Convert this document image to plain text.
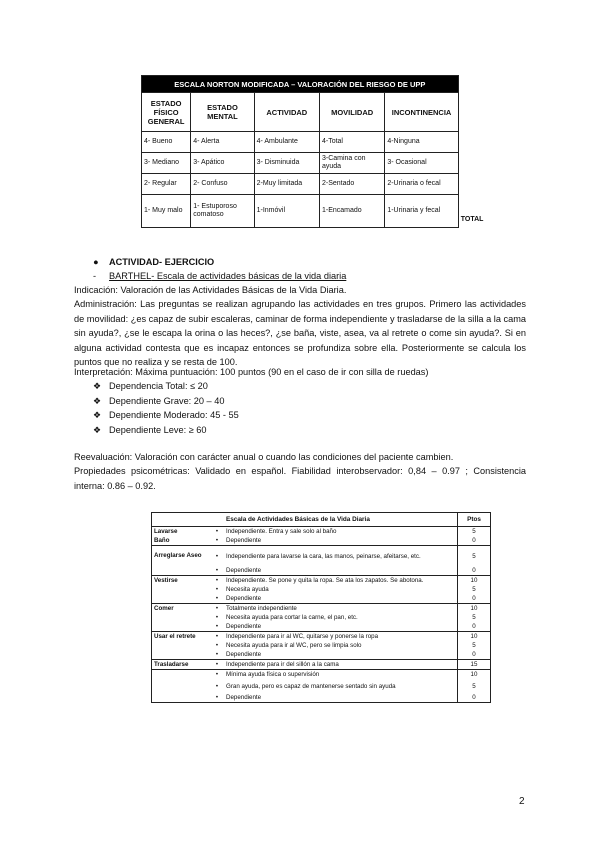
ESCALA NORTON MODIFICADA – VALORACIÓN DEL RIESGO DE UPP					
ESTADO FÍSICO GENERAL	ESTADO MENTAL	ACTIVIDAD	MOVILIDAD	INCONTINENCIA	
4- Bueno	4- Alerta	4- Ambulante	4-Total	4-Ninguna	
3- Mediano	3- Apático	3- Disminuida	3-Camina con ayuda	3- Ocasional	
2- Regular	2- Confuso	2-Muy limitada	2-Sentado	2-Urinaria o fecal	
1- Muy malo	1- Estuporoso comatoso	1-Inmóvil	1-Encamado	1-Urinaria y fecal	TOTAL
● ACTIVIDAD- EJERCICIO
- BARTHEL- Escala de actividades básicas de la vida diaria
Indicación: Valoración de las Actividades Básicas de la Vida Diaria.
Administración: Las preguntas se realizan agrupando las actividades en tres grupos. Primero las actividades de movilidad: ¿es capaz de subir escaleras, caminar de forma independiente y trasladarse de la silla a la cama sin ayuda?, ¿se le escapa la orina o las heces?, ¿se baña, viste, asea, va al retrete o come sin ayuda?. Si en alguna actividad contesta que es incapaz entonces se profundiza sobre ella. Posteriormente se calcula los puntos que no realiza y se resta de 100.
Interpretación: Máxima puntuación: 100 puntos (90 en el caso de ir con silla de ruedas)
❖ Dependencia Total: ≤ 20
❖ Dependiente Grave: 20 – 40
❖ Dependiente Moderado: 45 - 55
❖ Dependiente Leve: ≥ 60
Reevaluación: Valoración con carácter anual o cuando las condiciones del paciente cambien.
Propiedades psicométricas: Validado en español. Fiabilidad interobservador: 0,84 – 0.97 ; Consistencia interna: 0.86 – 0.92.
		Escala de Actividades Básicas de la Vida Diaria	Ptos
Lavarse	•	Independiente. Entra y sale solo al baño	5
Baño	•	Dependiente	0
Arreglarse Aseo	•	Independiente para lavarse la cara, las manos, peinarse, afeitarse, etc.	5
	•	Dependiente	0
Vestirse	•	Independiente. Se pone y quita la ropa. Se ata los zapatos. Se abotona.	10
	•	Necesita ayuda	5
	•	Dependiente	0
Comer	•	Totalmente independiente	10
	•	Necesita ayuda para cortar la carne, el pan, etc.	5
	•	Dependiente	0
Usar el retrete	•	Independiente para ir al WC, quitarse y ponerse la ropa	10
	•	Necesita ayuda para ir al WC, pero se limpia solo	5
	•	Dependiente	0
Trasladarse	•	Independiente para ir del sillón a la cama	15
	•	Mínima ayuda física o supervisión	10
	•	Gran ayuda, pero es capaz de mantenerse sentado sin ayuda	5
	•	Dependiente	0
2
